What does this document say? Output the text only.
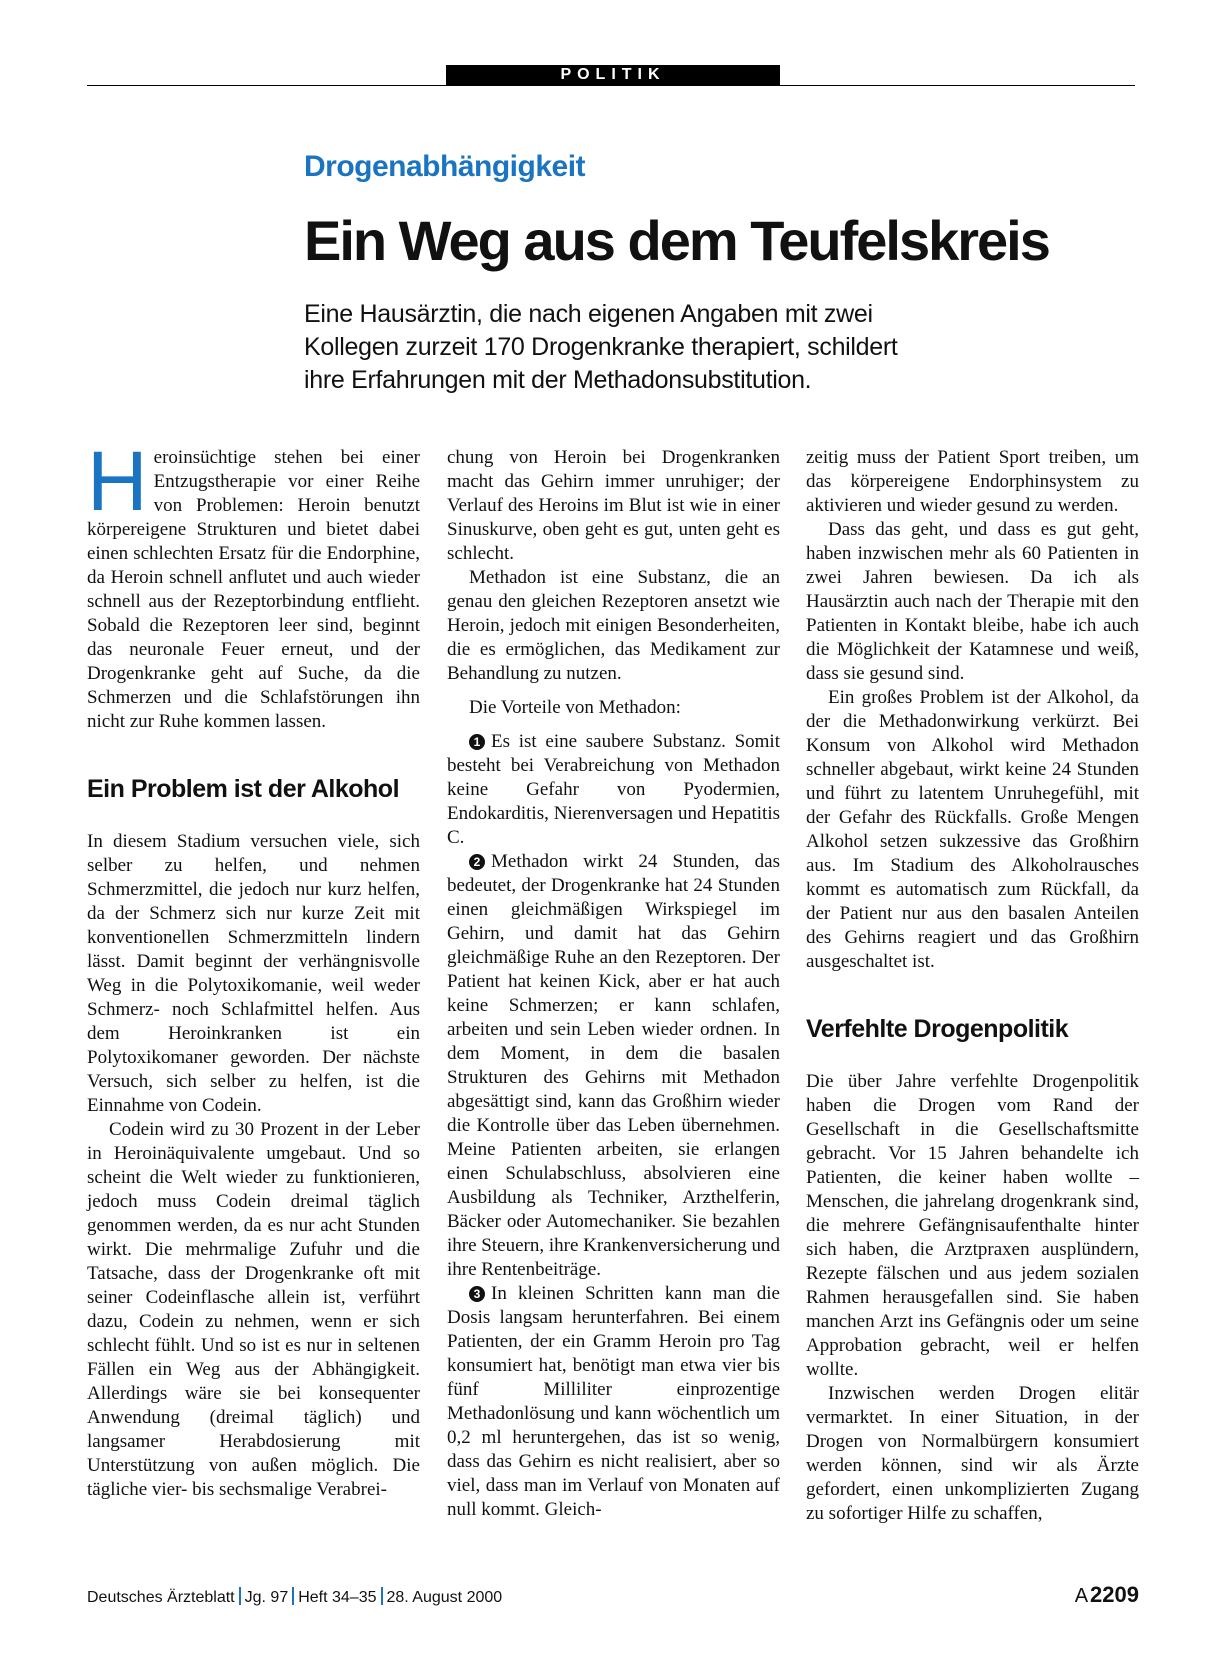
POLITIK
Drogenabhängigkeit
Ein Weg aus dem Teufelskreis
Eine Hausärztin, die nach eigenen Angaben mit zwei
Kollegen zurzeit 170 Drogenkranke therapiert, schildert
ihre Erfahrungen mit der Methadonsubstitution.

Heroinsüchtige stehen bei einer Entzugstherapie vor einer Reihe von Problemen: Heroin benutzt körpereigene Strukturen und bietet dabei einen schlechten Ersatz für die Endorphine, da Heroin schnell anflutet und auch wieder schnell aus der Rezeptorbindung entflieht. Sobald die Rezeptoren leer sind, beginnt das neuronale Feuer erneut, und der Drogenkranke geht auf Suche, da die Schmerzen und die Schlafstörungen ihn nicht zur Ruhe kommen lassen.

Ein Problem ist der Alkohol

In diesem Stadium versuchen viele, sich selber zu helfen, und nehmen Schmerzmittel, die jedoch nur kurz helfen, da der Schmerz sich nur kurze Zeit mit konventionellen Schmerzmitteln lindern lässt. Damit beginnt der verhängnisvolle Weg in die Polytoxikomanie, weil weder Schmerz- noch Schlafmittel helfen. Aus dem Heroinkranken ist ein Polytoxikomaner geworden. Der nächste Versuch, sich selber zu helfen, ist die Einnahme von Codein.

Codein wird zu 30 Prozent in der Leber in Heroinäquivalente umgebaut. Und so scheint die Welt wieder zu funktionieren, jedoch muss Codein dreimal täglich genommen werden, da es nur acht Stunden wirkt. Die mehrmalige Zufuhr und die Tatsache, dass der Drogenkranke oft mit seiner Codeinflasche allein ist, verführt dazu, Codein zu nehmen, wenn er sich schlecht fühlt. Und so ist es nur in seltenen Fällen ein Weg aus der Abhängigkeit. Allerdings wäre sie bei konsequenter Anwendung (dreimal täglich) und langsamer Herabdosierung mit Unterstützung von außen möglich. Die tägliche vier- bis sechsmalige Verabrei-

chung von Heroin bei Drogenkranken macht das Gehirn immer unruhiger; der Verlauf des Heroins im Blut ist wie in einer Sinuskurve, oben geht es gut, unten geht es schlecht.

Methadon ist eine Substanz, die an genau den gleichen Rezeptoren ansetzt wie Heroin, jedoch mit einigen Besonderheiten, die es ermöglichen, das Medikament zur Behandlung zu nutzen.

Die Vorteile von Methadon:

1 Es ist eine saubere Substanz. Somit besteht bei Verabreichung von Methadon keine Gefahr von Pyodermien, Endokarditis, Nierenversagen und Hepatitis C.

2 Methadon wirkt 24 Stunden, das bedeutet, der Drogenkranke hat 24 Stunden einen gleichmäßigen Wirkspiegel im Gehirn, und damit hat das Gehirn gleichmäßige Ruhe an den Rezeptoren. Der Patient hat keinen Kick, aber er hat auch keine Schmerzen; er kann schlafen, arbeiten und sein Leben wieder ordnen. In dem Moment, in dem die basalen Strukturen des Gehirns mit Methadon abgesättigt sind, kann das Großhirn wieder die Kontrolle über das Leben übernehmen. Meine Patienten arbeiten, sie erlangen einen Schulabschluss, absolvieren eine Ausbildung als Techniker, Arzthelferin, Bäcker oder Automechaniker. Sie bezahlen ihre Steuern, ihre Krankenversicherung und ihre Rentenbeiträge.

3 In kleinen Schritten kann man die Dosis langsam herunterfahren. Bei einem Patienten, der ein Gramm Heroin pro Tag konsumiert hat, benötigt man etwa vier bis fünf Milliliter einprozentige Methadonlösung und kann wöchentlich um 0,2 ml heruntergehen, das ist so wenig, dass das Gehirn es nicht realisiert, aber so viel, dass man im Verlauf von Monaten auf null kommt. Gleich-

zeitig muss der Patient Sport treiben, um das körpereigene Endorphinsystem zu aktivieren und wieder gesund zu werden.

Dass das geht, und dass es gut geht, haben inzwischen mehr als 60 Patienten in zwei Jahren bewiesen. Da ich als Hausärztin auch nach der Therapie mit den Patienten in Kontakt bleibe, habe ich auch die Möglichkeit der Katamnese und weiß, dass sie gesund sind.

Ein großes Problem ist der Alkohol, da der die Methadonwirkung verkürzt. Bei Konsum von Alkohol wird Methadon schneller abgebaut, wirkt keine 24 Stunden und führt zu latentem Unruhegefühl, mit der Gefahr des Rückfalls. Große Mengen Alkohol setzen sukzessive das Großhirn aus. Im Stadium des Alkoholrausches kommt es automatisch zum Rückfall, da der Patient nur aus den basalen Anteilen des Gehirns reagiert und das Großhirn ausgeschaltet ist.

Verfehlte Drogenpolitik

Die über Jahre verfehlte Drogenpolitik haben die Drogen vom Rand der Gesellschaft in die Gesellschaftsmitte gebracht. Vor 15 Jahren behandelte ich Patienten, die keiner haben wollte – Menschen, die jahrelang drogenkrank sind, die mehrere Gefängnisaufenthalte hinter sich haben, die Arztpraxen ausplündern, Rezepte fälschen und aus jedem sozialen Rahmen herausgefallen sind. Sie haben manchen Arzt ins Gefängnis oder um seine Approbation gebracht, weil er helfen wollte.

Inzwischen werden Drogen elitär vermarktet. In einer Situation, in der Drogen von Normalbürgern konsumiert werden können, sind wir als Ärzte gefordert, einen unkomplizierten Zugang zu sofortiger Hilfe zu schaffen,

Deutsches Ärzteblatt Jg. 97 Heft 34–35 28. August 2000	A2209
